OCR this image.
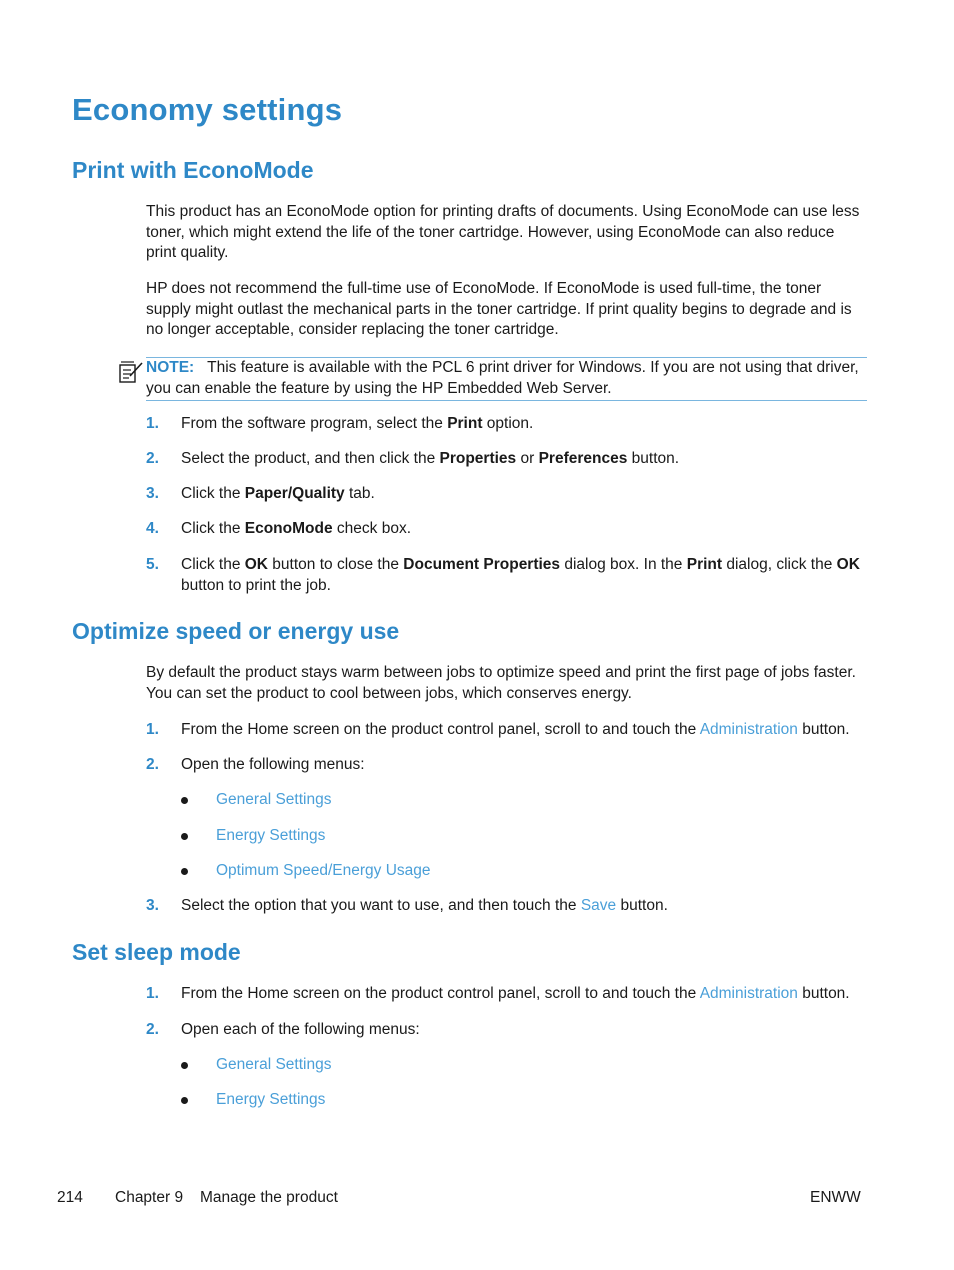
Economy settings
Print with EconoMode

This product has an EconoMode option for printing drafts of documents. Using EconoMode can use less toner, which might extend the life of the toner cartridge. However, using EconoMode can also reduce print quality.

HP does not recommend the full-time use of EconoMode. If EconoMode is used full-time, the toner supply might outlast the mechanical parts in the toner cartridge. If print quality begins to degrade and is no longer acceptable, consider replacing the toner cartridge.

NOTE: This feature is available with the PCL 6 print driver for Windows. If you are not using that driver, you can enable the feature by using the HP Embedded Web Server.
1. From the software program, select the Print option.
2. Select the product, and then click the Properties or Preferences button.
3. Click the Paper/Quality tab.
4. Click the EconoMode check box.
5. Click the OK button to close the Document Properties dialog box. In the Print dialog, click the OK button to print the job.
Optimize speed or energy use

By default the product stays warm between jobs to optimize speed and print the first page of jobs faster. You can set the product to cool between jobs, which conserves energy.

1. From the Home screen on the product control panel, scroll to and touch the Administration button.
2. Open the following menus:
General Settings
Energy Settings
Optimum Speed/Energy Usage
3. Select the option that you want to use, and then touch the Save button.
Set sleep mode
1. From the Home screen on the product control panel, scroll to and touch the Administration button.
2. Open each of the following menus:
General Settings
Energy Settings
214 Chapter 9 Manage the product	ENWW
